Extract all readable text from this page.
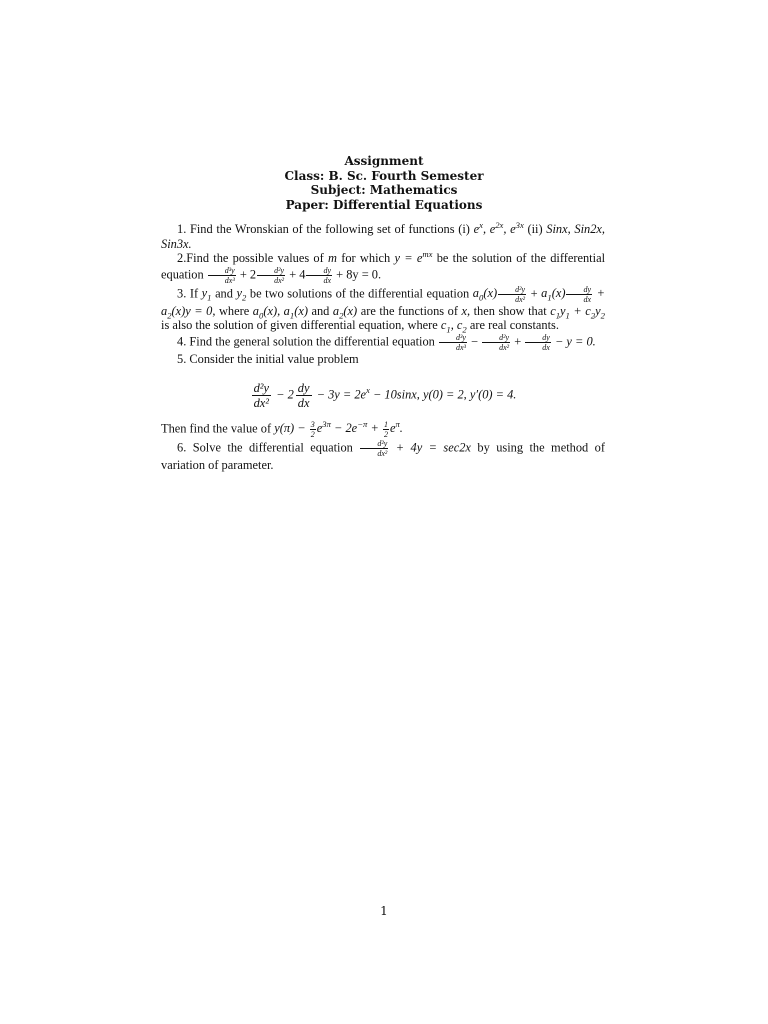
Assignment
Class: B. Sc. Fourth Semester
Subject: Mathematics
Paper: Differential Equations

1. Find the Wronskian of the following set of functions (i) $e^x$, $e^{2x}$, $e^{3x}$ (ii) Sinx, Sin2x, Sin3x.

2.Find the possible values of m for which $y = e^{mx}$ be the solution of the differential equation $\frac{\text{d³y}}{\text{dx³}} + 2 \frac{\text{d²y}}{\text{dx²}} + 4 \frac{dy}{dx} + 8y = 0$.

3. If $y_1$ and $y_2$ be two solutions of the differential equation $a_0(x) \frac{\text{d²y}}{\text{dx²}} + a_1(x) \frac{dy}{dx} + a_2(x)y = 0$, where $a_0(x)$, $a_1(x)$ and $a_2(x)$ are the functions of x, then show that $c_1y_1 + c_2y_2$ is also the solution of given differential equation, where $c_1$, $c_2$ are real constants.

4. Find the general solution the differential equation $\frac{\text{d³y}}{\text{dx³}} - \frac{\text{d²y}}{\text{dx²}} + \frac{dy}{dx} - y = 0$.

5. Consider the initial value problem

$\frac{\text{d²y}}{\text{dx²}} - 2 \frac{dy}{dx} - 3y = 2e^x - 10\sin x$, y(0) = 2, y′(0) = 4.

Then find the value of $y(\pi) - \frac{3}{2} e^{3\pi} - 2e^{-\pi} + \frac{1}{2} e^\pi$.

6. Solve the differential equation $\frac{\text{d²y}}{\text{dx²}} + 4y = \sec 2x$ by using the method of variation of parameter.

1
